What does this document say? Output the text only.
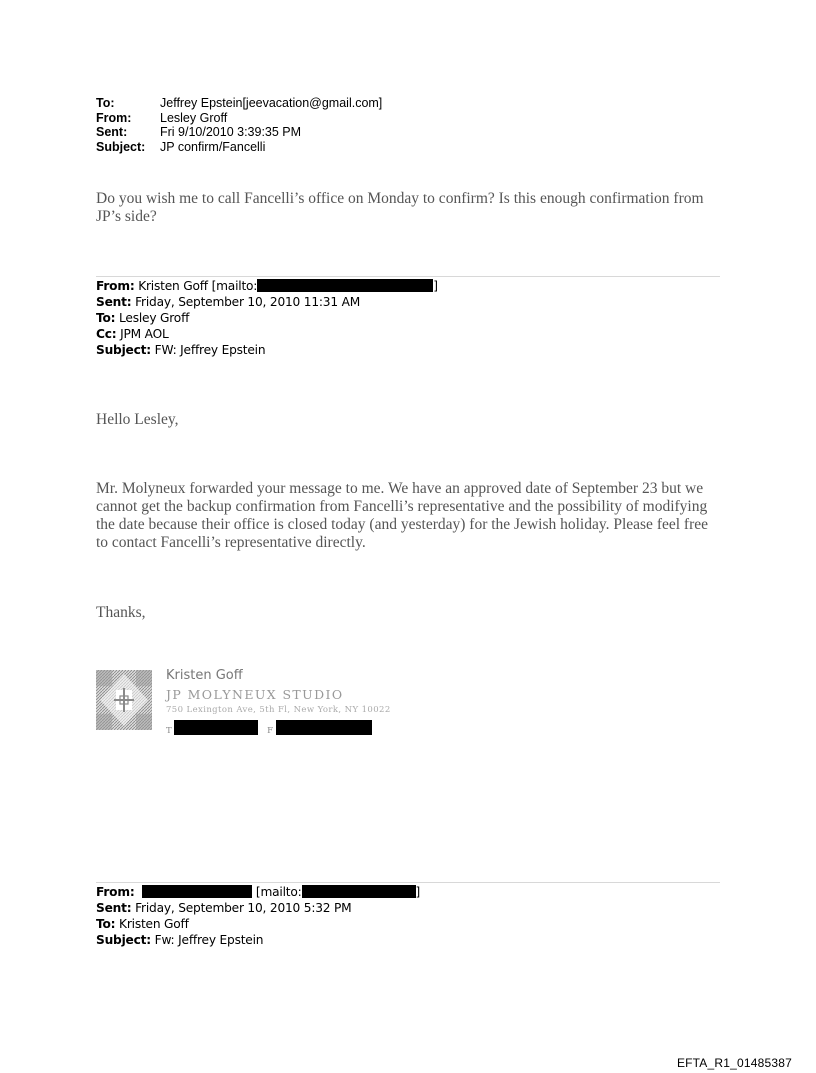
To:	Jeffrey Epstein[jeevacation@gmail.com]
From:	Lesley Groff
Sent:	Fri 9/10/2010 3:39:35 PM
Subject:	JP confirm/Fancelli
Do you wish me to call Fancelli’s office on Monday to confirm? Is this enough confirmation from JP’s side?
From: Kristen Goff [mailto:	]
Sent: Friday, September 10, 2010 11:31 AM
To: Lesley Groff
Cc: JPM AOL
Subject: FW: Jeffrey Epstein
Hello Lesley,
Mr. Molyneux forwarded your message to me. We have an approved date of September 23 but we cannot get the backup confirmation from Fancelli’s representative and the possibility of modifying the date because their office is closed today (and yesterday) for the Jewish holiday. Please feel free to contact Fancelli’s representative directly.
Thanks,
Kristen Goff
JP MOLYNEUX STUDIO
750 Lexington Ave, 5th Fl, New York, NY 10022
T	F
From:	[mailto:	]
Sent: Friday, September 10, 2010 5:32 PM
To: Kristen Goff
Subject: Fw: Jeffrey Epstein
EFTA_R1_01485387
